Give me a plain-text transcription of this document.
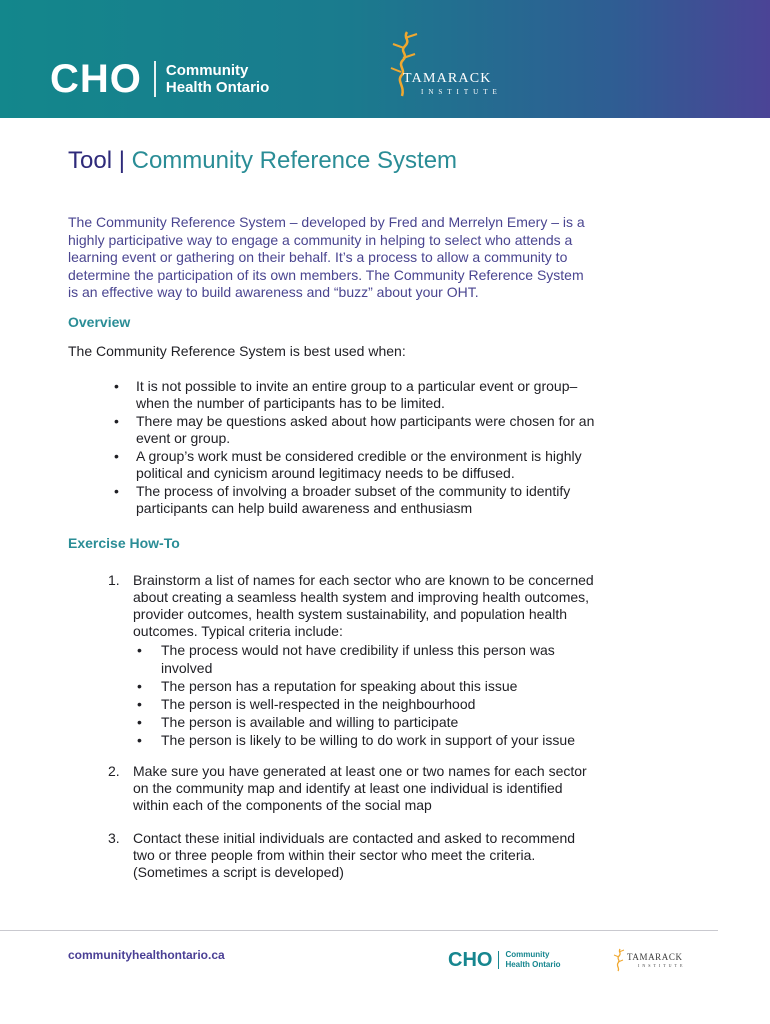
CHO Community
Health Ontario
TAMARACK
INSTITUTE
Tool | Community Reference System
The Community Reference System – developed by Fred and Merrelyn Emery – is a
highly participative way to engage a community in helping to select who attends a
learning event or gathering on their behalf. It’s a process to allow a community to
determine the participation of its own members. The Community Reference System
is an effective way to build awareness and “buzz” about your OHT.
Overview
The Community Reference System is best used when:
• It is not possible to invite an entire group to a particular event or group–
when the number of participants has to be limited.
• There may be questions asked about how participants were chosen for an
event or group.
• A group’s work must be considered credible or the environment is highly
political and cynicism around legitimacy needs to be diffused.
• The process of involving a broader subset of the community to identify
participants can help build awareness and enthusiasm
Exercise How-To
1. Brainstorm a list of names for each sector who are known to be concerned
about creating a seamless health system and improving health outcomes,
provider outcomes, health system sustainability, and population health
outcomes. Typical criteria include:
• The process would not have credibility if unless this person was
involved
• The person has a reputation for speaking about this issue
• The person is well-respected in the neighbourhood
• The person is available and willing to participate
• The person is likely to be willing to do work in support of your issue
2. Make sure you have generated at least one or two names for each sector
on the community map and identify at least one individual is identified
within each of the components of the social map
3. Contact these initial individuals are contacted and asked to recommend
two or three people from within their sector who meet the criteria.
(Sometimes a script is developed)
communityhealthontario.ca	CHO Community
Health Ontario
TAMARACK
INSTITUTE
